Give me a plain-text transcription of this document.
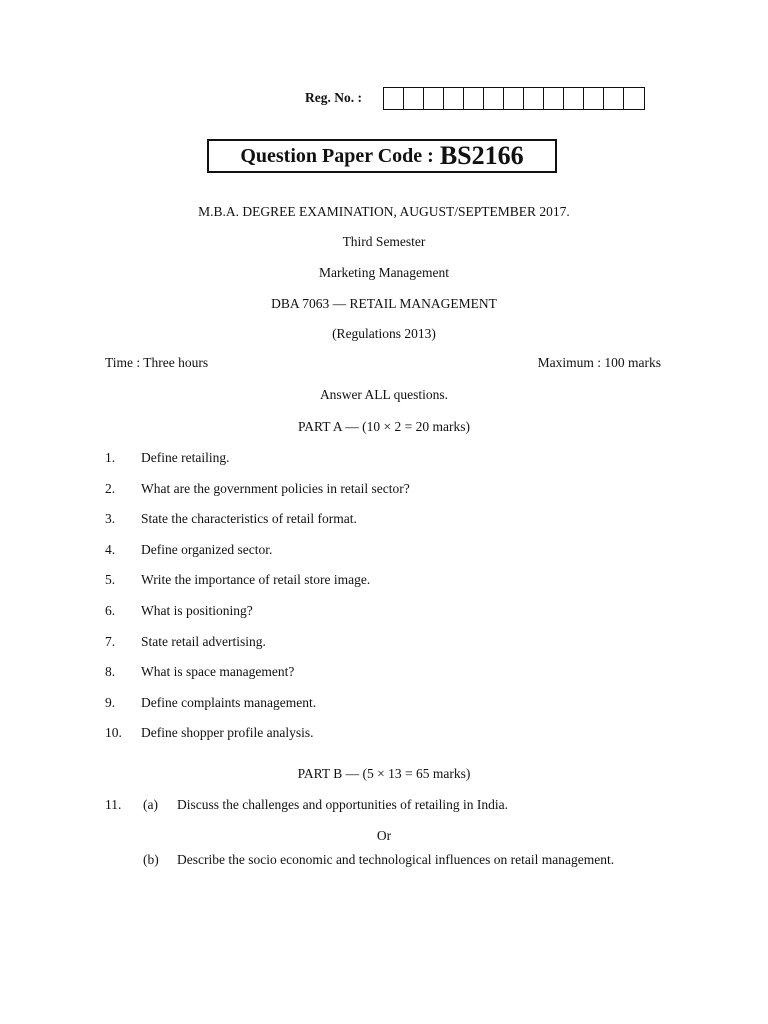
Reg. No. :
Question Paper Code : BS2166
M.B.A. DEGREE EXAMINATION, AUGUST/SEPTEMBER 2017.
Third Semester
Marketing Management
DBA 7063 — RETAIL MANAGEMENT
(Regulations 2013)
Time : Three hours	Maximum : 100 marks
Answer ALL questions.
PART A — (10 × 2 = 20 marks)
1. Define retailing.
2. What are the government policies in retail sector?
3. State the characteristics of retail format.
4. Define organized sector.
5. Write the importance of retail store image.
6. What is positioning?
7. State retail advertising.
8. What is space management?
9. Define complaints management.
10. Define shopper profile analysis.
PART B — (5 × 13 = 65 marks)
11. (a) Discuss the challenges and opportunities of retailing in India.
Or
(b) Describe the socio economic and technological influences on retail management.
